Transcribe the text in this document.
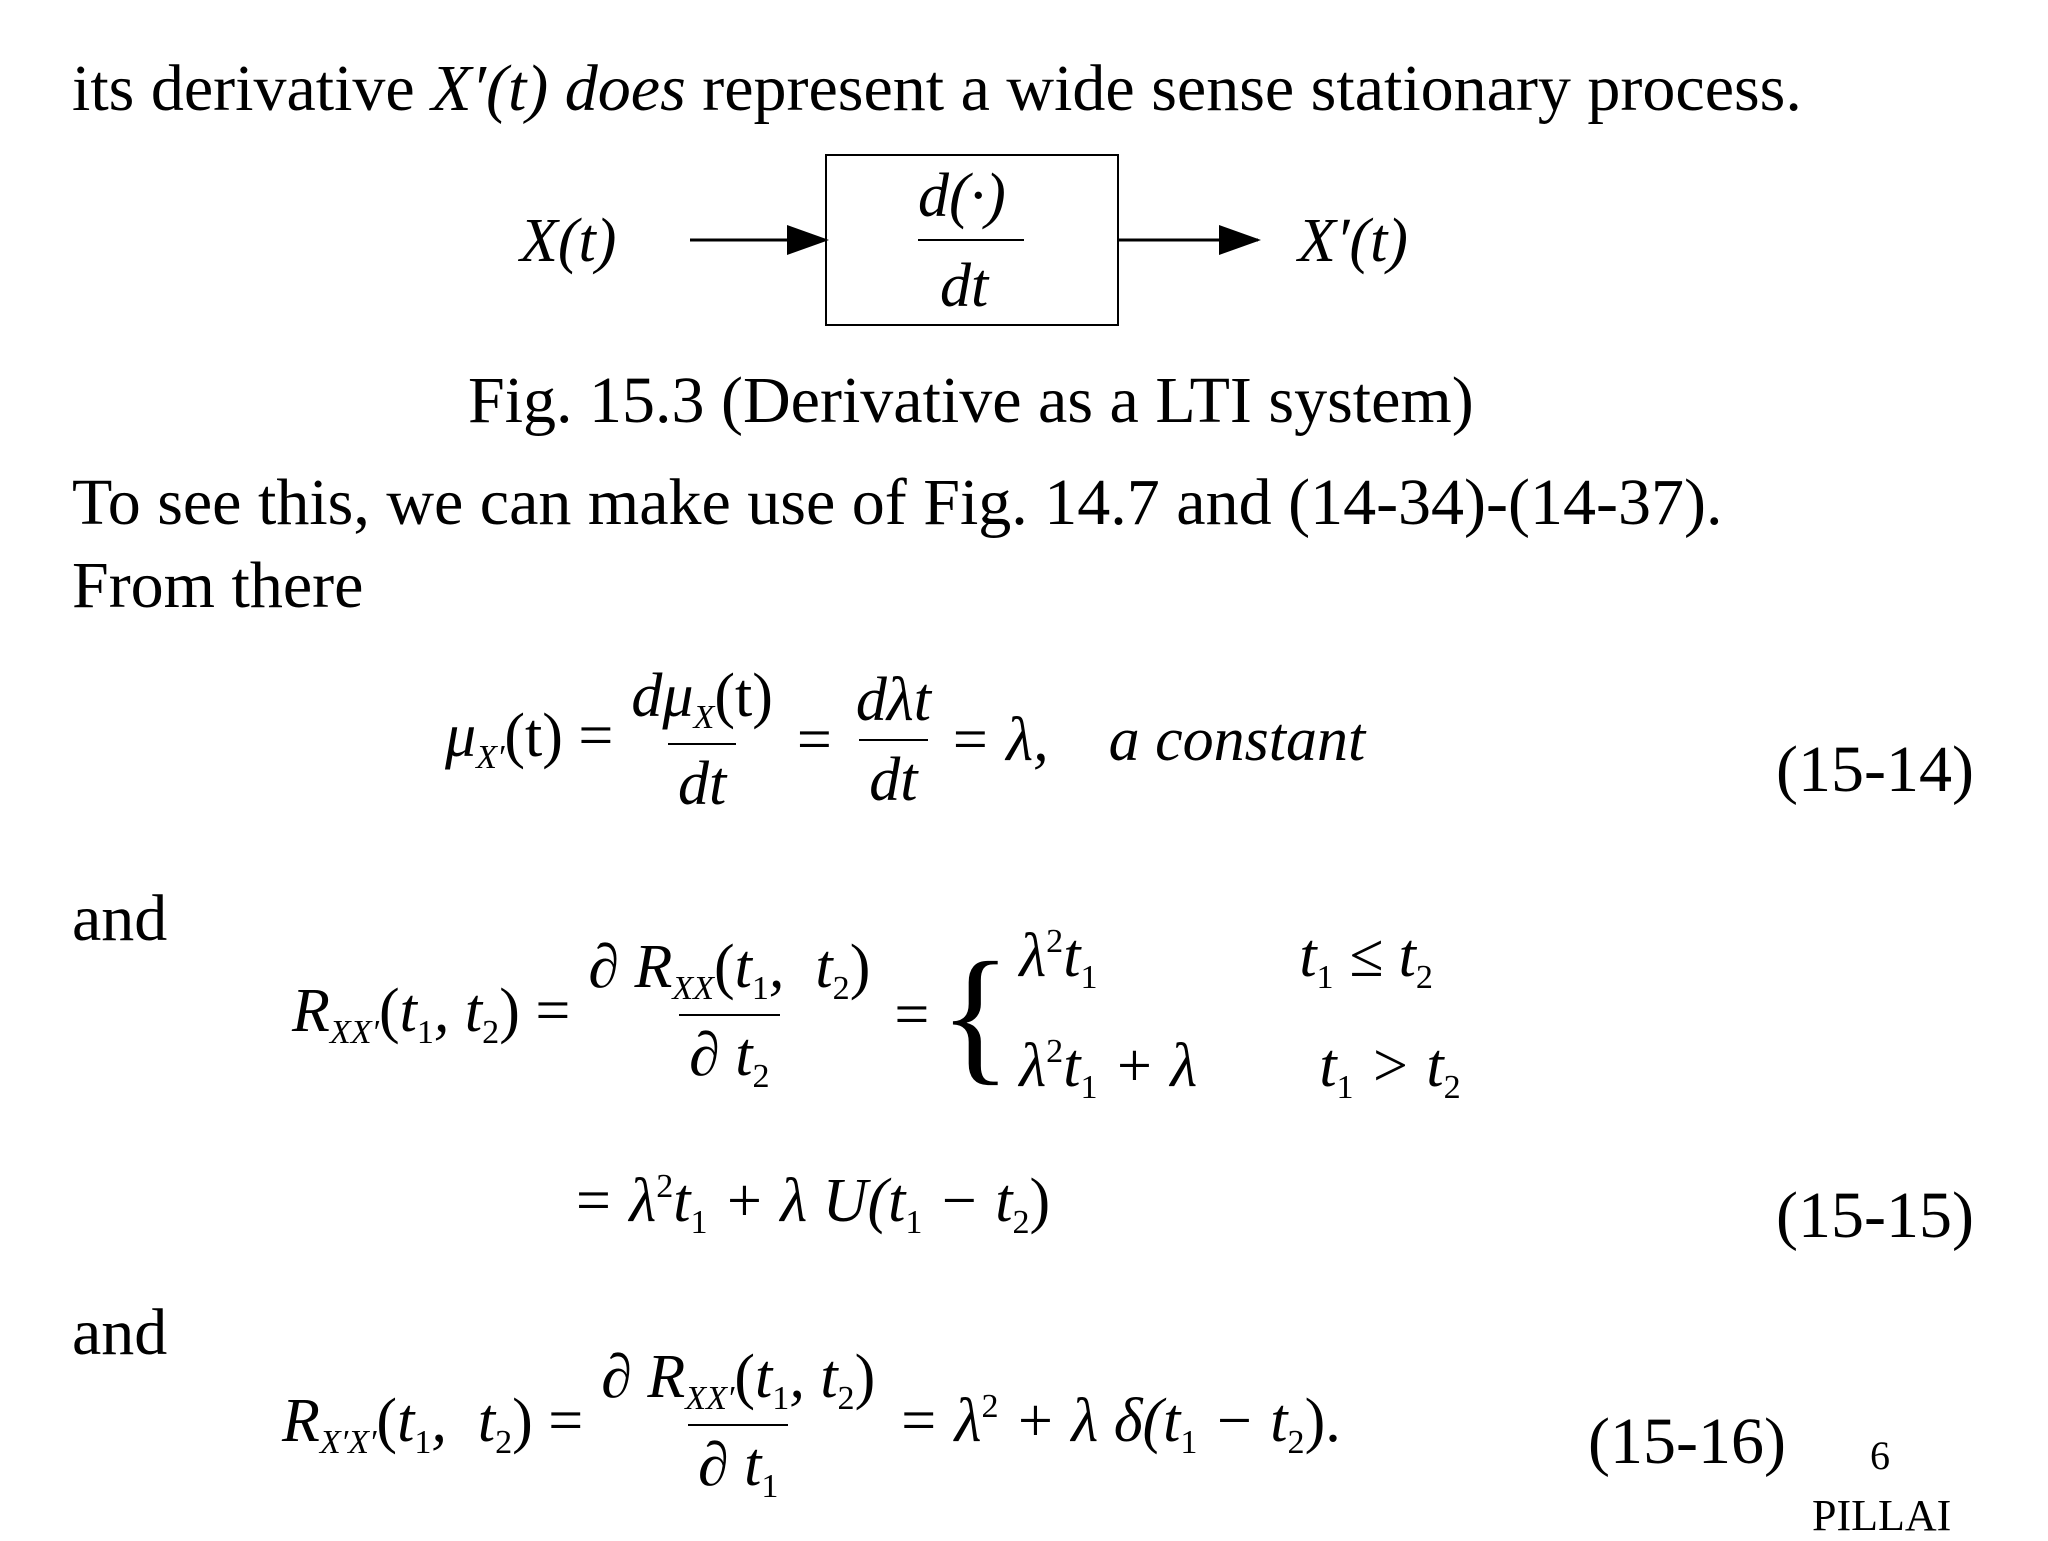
its derivative X′(t) does represent a wide sense stationary process.
X(t)
d(·)
dt
X′(t)
Fig. 15.3 (Derivative as a LTI system)
To see this, we can make use of Fig. 14.7 and (14-34)-(14-37).
From there
$\mu_{X'}(t) = \frac{d\mu_X(t)}{dt} = \frac{\text{dλt}}{dt} = \lambda$, a constant	(15-14)
and
$R_{XX'}(t_1$, $t_2) = \frac{\partial R_{XX}(t_1, t_2)}{\partial t_2}$ = { $\lambda^2t_1$	$t_1 \le t_2$
$\lambda^2t_1 + \lambda$	$t_1 > t_2$
= $\lambda^2t_1 + \lambda$ $U(t_1 - t_2)$	(15-15)
and
$R_{X'X'}(t_1$,  $t_2) = \frac{\partial R_{XX'}(t_1, t_2)}{\partial t_1} = \lambda^2 + \lambda$ $\delta(t_1 - t_2)$.	(15-16) 6
PILLAI
